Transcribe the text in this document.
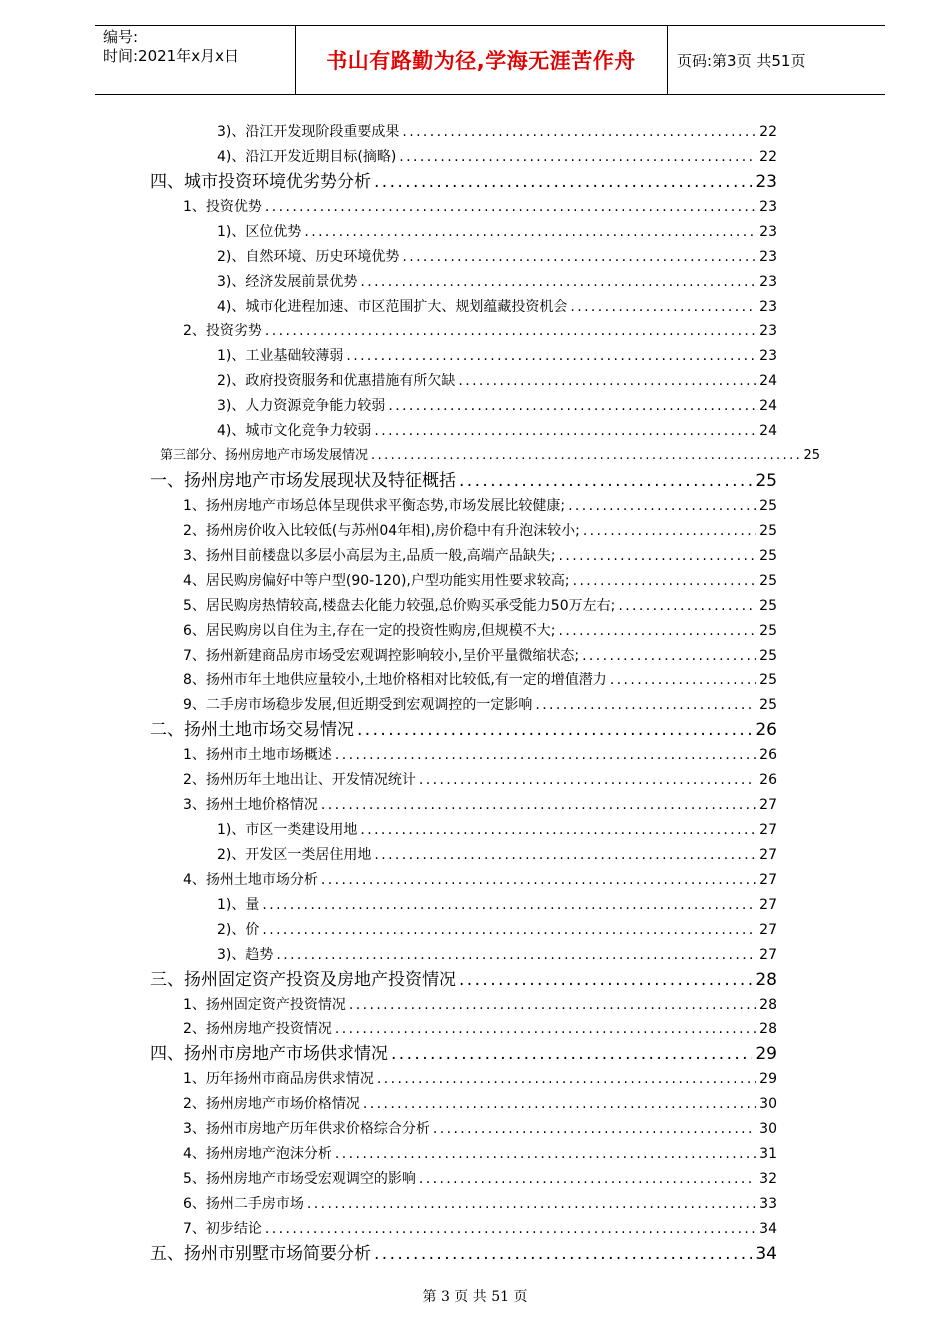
编号:
时间:2021年x月x日	书山有路勤为径,学海无涯苦作舟	页码:第3页 共51页
3)、沿江开发现阶段重要成果 .....	22
4)、沿江开发近期目标(摘略) .....	22
四、城市投资环境优劣势分析 .....	23
1、投资优势 .....	23
1)、区位优势 .....	23
2)、自然环境、历史环境优势 .....	23
3)、经济发展前景优势 .....	23
4)、城市化进程加速、市区范围扩大、规划蕴藏投资机会 .....	23
2、投资劣势 .....	23
1)、工业基础较薄弱 .....	23
2)、政府投资服务和优惠措施有所欠缺 .....	24
3)、人力资源竞争能力较弱 .....	24
4)、城市文化竞争力较弱 .....	24
第三部分、扬州房地产市场发展情况 .....	25
一、扬州房地产市场发展现状及特征概括 .....	25
1、扬州房地产市场总体呈现供求平衡态势,市场发展比较健康; .....	25
2、扬州房价收入比较低(与苏州04年相),房价稳中有升泡沫较小; .....	25
3、扬州目前楼盘以多层小高层为主,品质一般,高端产品缺失; .....	25
4、居民购房偏好中等户型(90-120),户型功能实用性要求较高; .....	25
5、居民购房热情较高,楼盘去化能力较强,总价购买承受能力50万左右; .....	25
6、居民购房以自住为主,存在一定的投资性购房,但规模不大; .....	25
7、扬州新建商品房市场受宏观调控影响较小,呈价平量微缩状态; .....	25
8、扬州市年土地供应量较小,土地价格相对比较低,有一定的增值潜力 .....	25
9、二手房市场稳步发展,但近期受到宏观调控的一定影响 .....	25
二、扬州土地市场交易情况 .....	26
1、扬州市土地市场概述 .....	26
2、扬州历年土地出让、开发情况统计 .....	26
3、扬州土地价格情况 .....	27
1)、市区一类建设用地 .....	27
2)、开发区一类居住用地 .....	27
4、扬州土地市场分析 .....	27
1)、量 .....	27
2)、价 .....	27
3)、趋势 .....	27
三、扬州固定资产投资及房地产投资情况 .....	28
1、扬州固定资产投资情况 .....	28
2、扬州房地产投资情况 .....	28
四、扬州市房地产市场供求情况 .....	29
1、历年扬州市商品房供求情况 .....	29
2、扬州房地产市场价格情况 .....	30
3、扬州市房地产历年供求价格综合分析 .....	30
4、扬州房地产泡沫分析 .....	31
5、扬州房地产市场受宏观调空的影响 .....	32
6、扬州二手房市场 .....	33
7、初步结论 .....	34
五、扬州市别墅市场简要分析 .....	34
第 3 页 共 51 页
